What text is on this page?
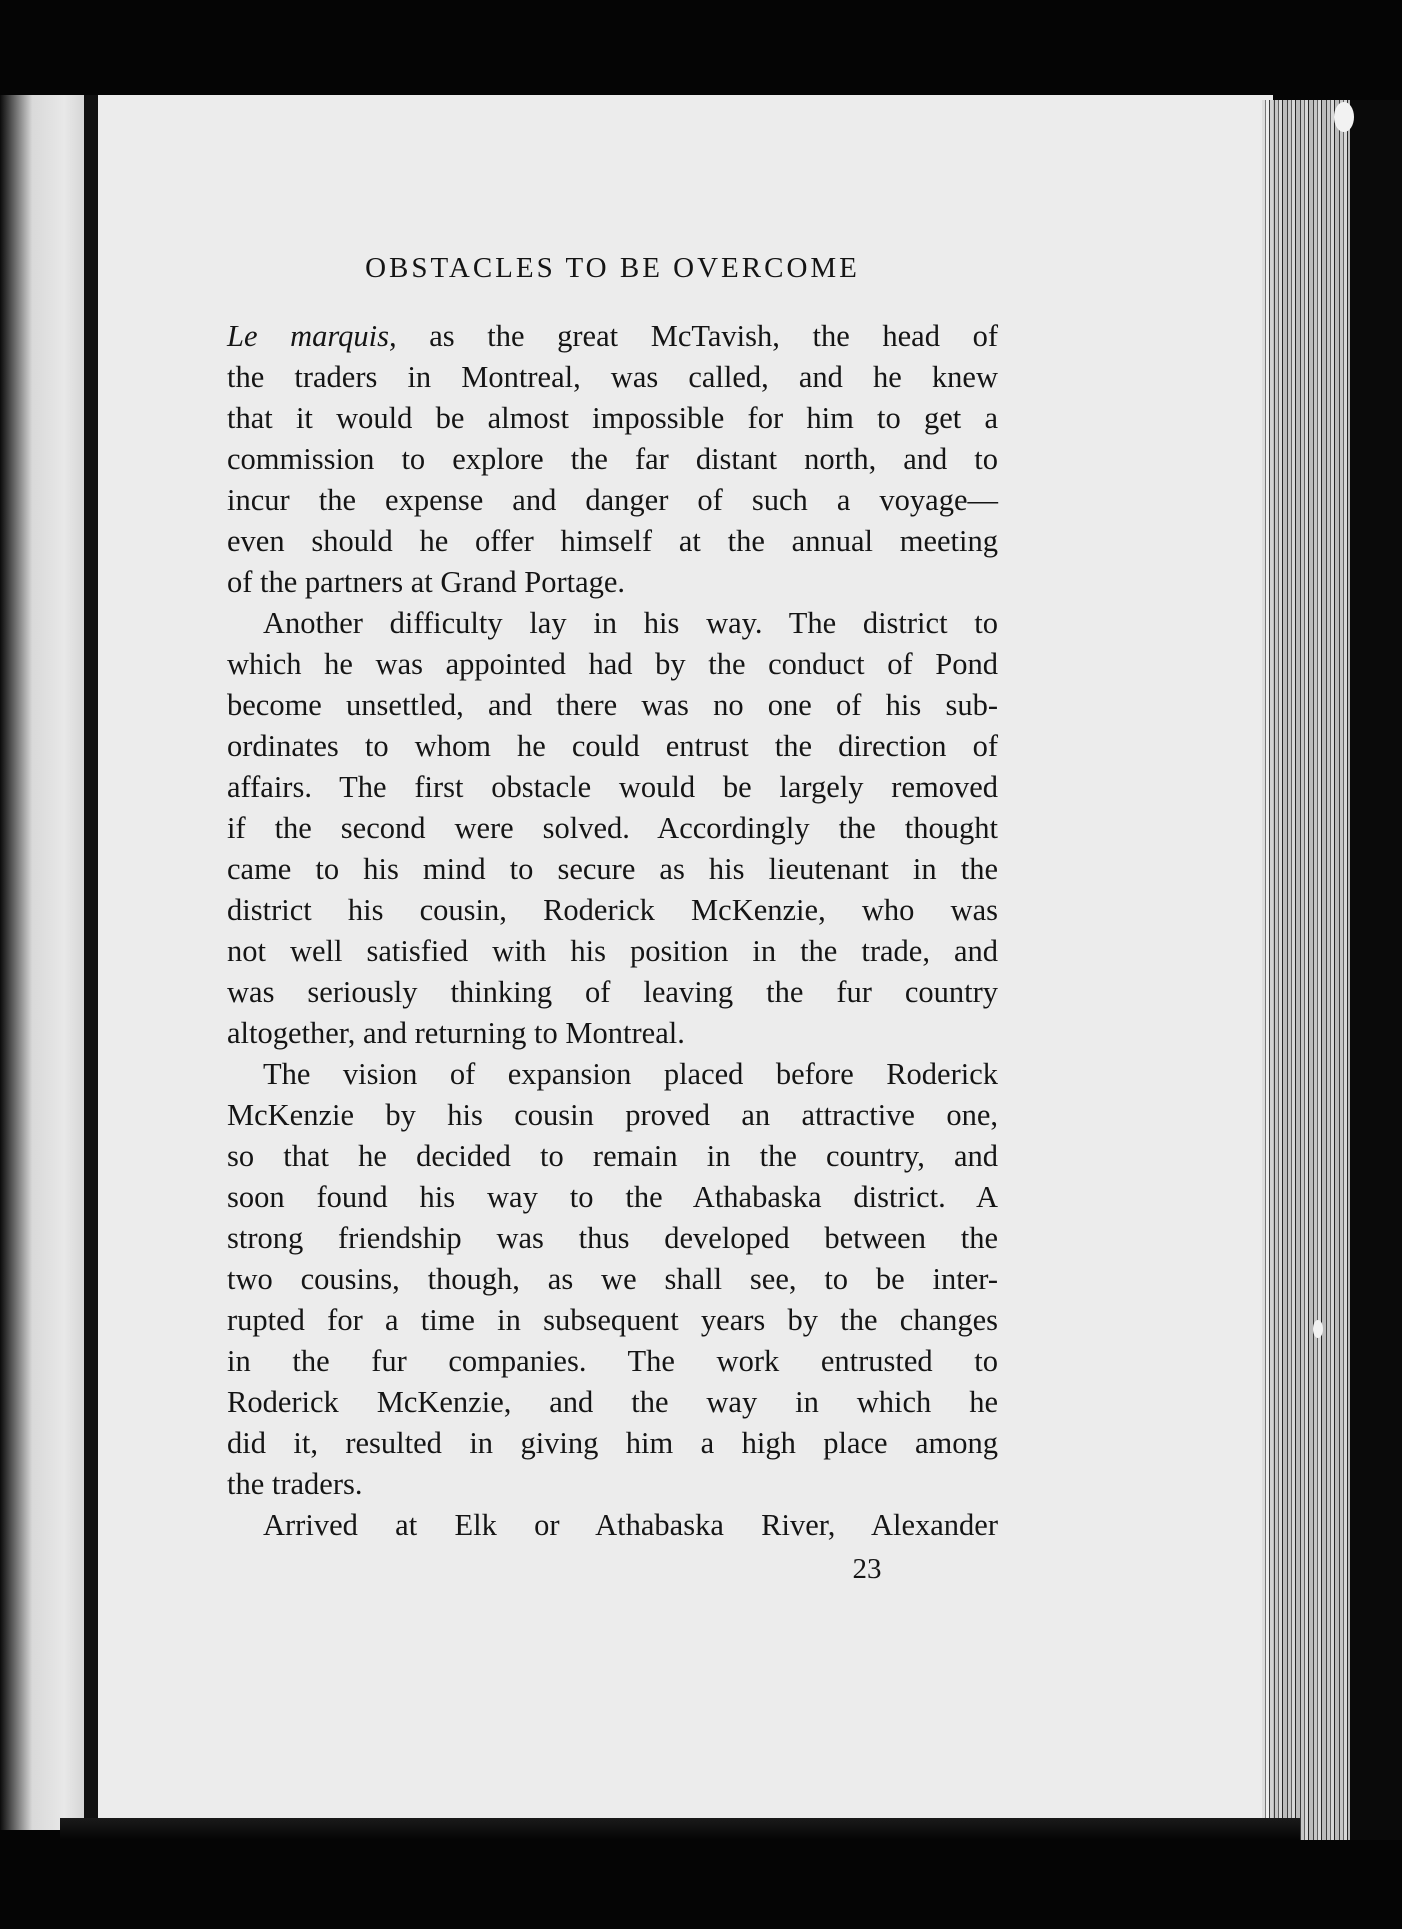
OBSTACLES TO BE OVERCOME
Le marquis, as the great McTavish, the head of
the traders in Montreal, was called, and he knew
that it would be almost impossible for him to get a
commission to explore the far distant north, and to
incur the expense and danger of such a voyage—
even should he offer himself at the annual meeting
of the partners at Grand Portage.
Another difficulty lay in his way. The district to
which he was appointed had by the conduct of Pond
become unsettled, and there was no one of his sub-
ordinates to whom he could entrust the direction of
affairs. The first obstacle would be largely removed
if the second were solved. Accordingly the thought
came to his mind to secure as his lieutenant in the
district his cousin, Roderick McKenzie, who was
not well satisfied with his position in the trade, and
was seriously thinking of leaving the fur country
altogether, and returning to Montreal.
The vision of expansion placed before Roderick
McKenzie by his cousin proved an attractive one,
so that he decided to remain in the country, and
soon found his way to the Athabaska district. A
strong friendship was thus developed between the
two cousins, though, as we shall see, to be inter-
rupted for a time in subsequent years by the changes
in the fur companies. The work entrusted to
Roderick McKenzie, and the way in which he
did it, resulted in giving him a high place among
the traders.
Arrived at Elk or Athabaska River, Alexander
23
